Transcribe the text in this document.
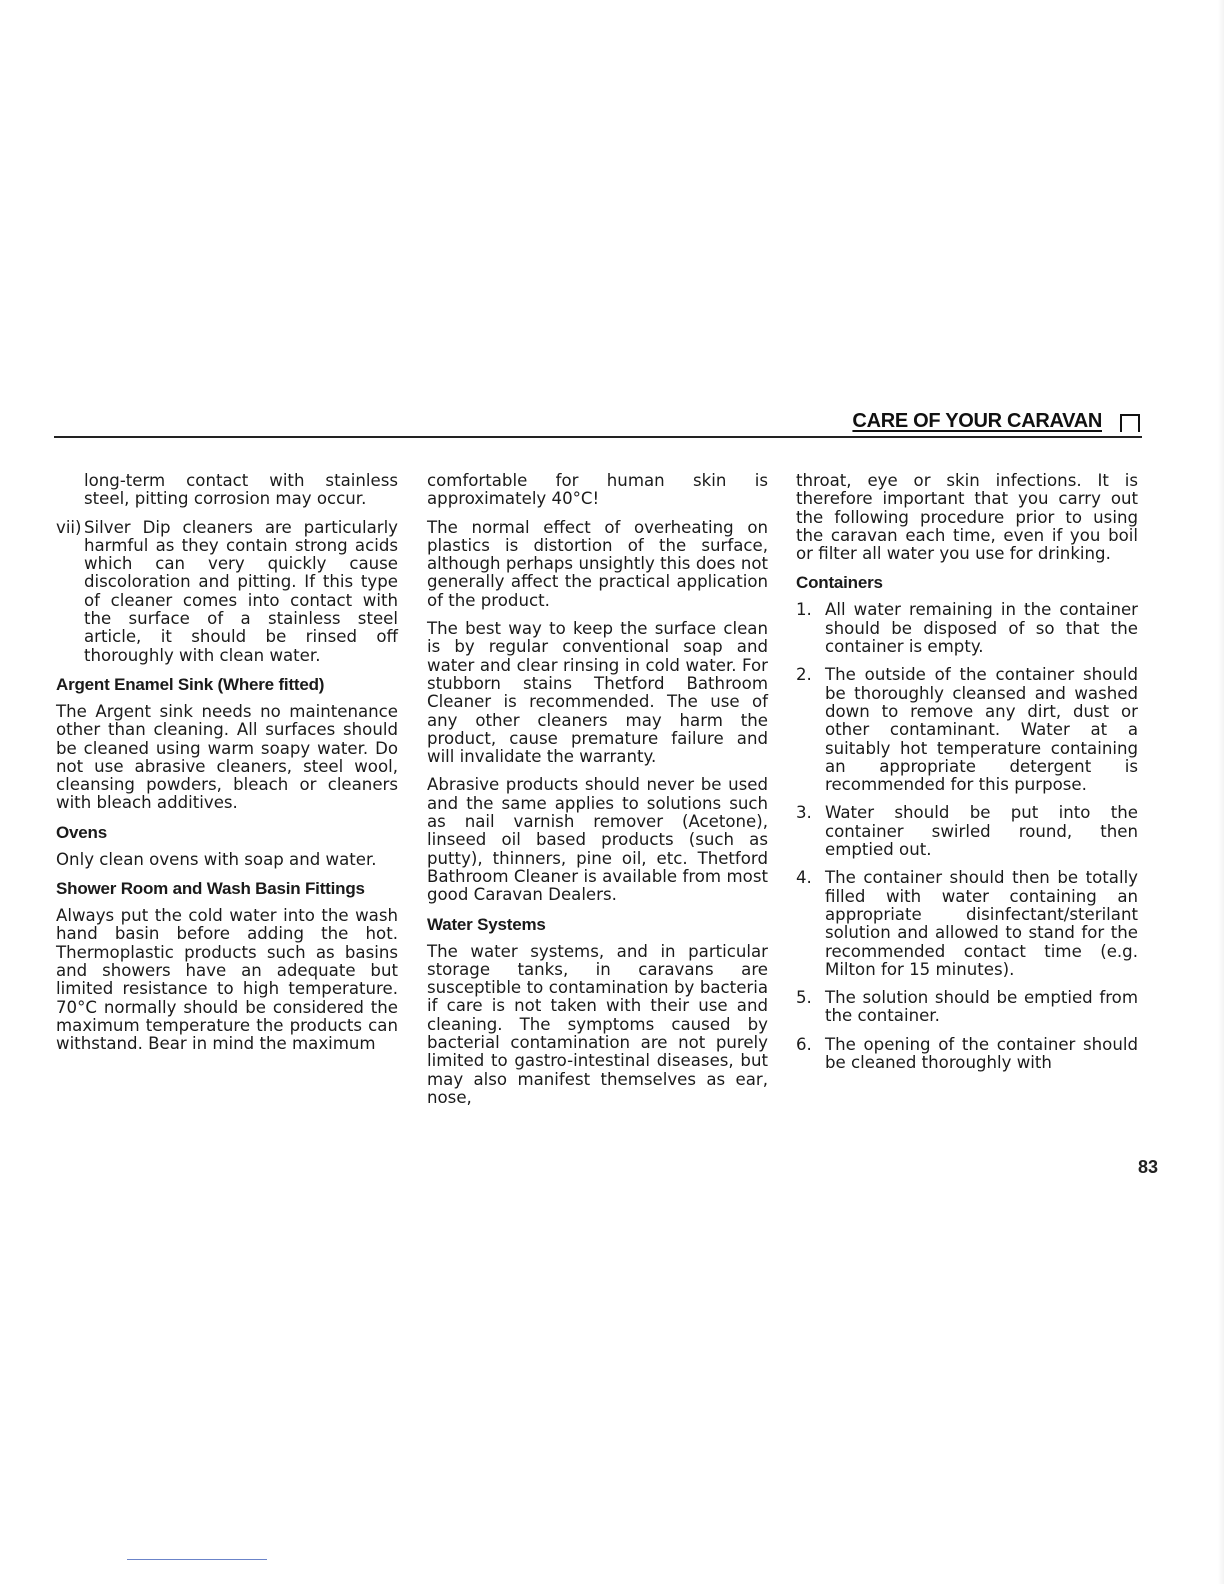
CARE OF YOUR CARAVAN

long-term contact with stainless steel, pitting corrosion may occur.

vii) Silver Dip cleaners are particularly harmful as they contain strong acids which can very quickly cause discoloration and pitting. If this type of cleaner comes into contact with the surface of a stainless steel article, it should be rinsed off thoroughly with clean water.
Argent Enamel Sink (Where fitted)

The Argent sink needs no maintenance other than cleaning. All surfaces should be cleaned using warm soapy water. Do not use abrasive cleaners, steel wool, cleansing powders, bleach or cleaners with bleach additives.

Ovens

Only clean ovens with soap and water.

Shower Room and Wash Basin Fittings

Always put the cold water into the wash hand basin before adding the hot. Thermoplastic products such as basins and showers have an adequate but limited resistance to high temperature. 70°C normally should be considered the maximum temperature the products can withstand. Bear in mind the maximum

comfortable for human skin is approximately 40°C!

The normal effect of overheating on plastics is distortion of the surface, although perhaps unsightly this does not generally affect the practical application of the product.

The best way to keep the surface clean is by regular conventional soap and water and clear rinsing in cold water. For stubborn stains Thetford Bathroom Cleaner is recommended. The use of any other cleaners may harm the product, cause premature failure and will invalidate the warranty.

Abrasive products should never be used and the same applies to solutions such as nail varnish remover (Acetone), linseed oil based products (such as putty), thinners, pine oil, etc. Thetford Bathroom Cleaner is available from most good Caravan Dealers.

Water Systems

The water systems, and in particular storage tanks, in caravans are susceptible to contamination by bacteria if care is not taken with their use and cleaning. The symptoms caused by bacterial contamination are not purely limited to gastro-intestinal diseases, but may also manifest themselves as ear, nose,

throat, eye or skin infections. It is therefore important that you carry out the following procedure prior to using the caravan each time, even if you boil or filter all water you use for drinking.

Containers
1. All water remaining in the container should be disposed of so that the container is empty.
2. The outside of the container should be thoroughly cleansed and washed down to remove any dirt, dust or other contaminant. Water at a suitably hot temperature containing an appropriate detergent is recommended for this purpose.
3. Water should be put into the container swirled round, then emptied out.
4. The container should then be totally filled with water containing an appropriate disinfectant/sterilant solution and allowed to stand for the recommended contact time (e.g. Milton for 15 minutes).
5. The solution should be emptied from the container.
6. The opening of the container should be cleaned thoroughly with
83
